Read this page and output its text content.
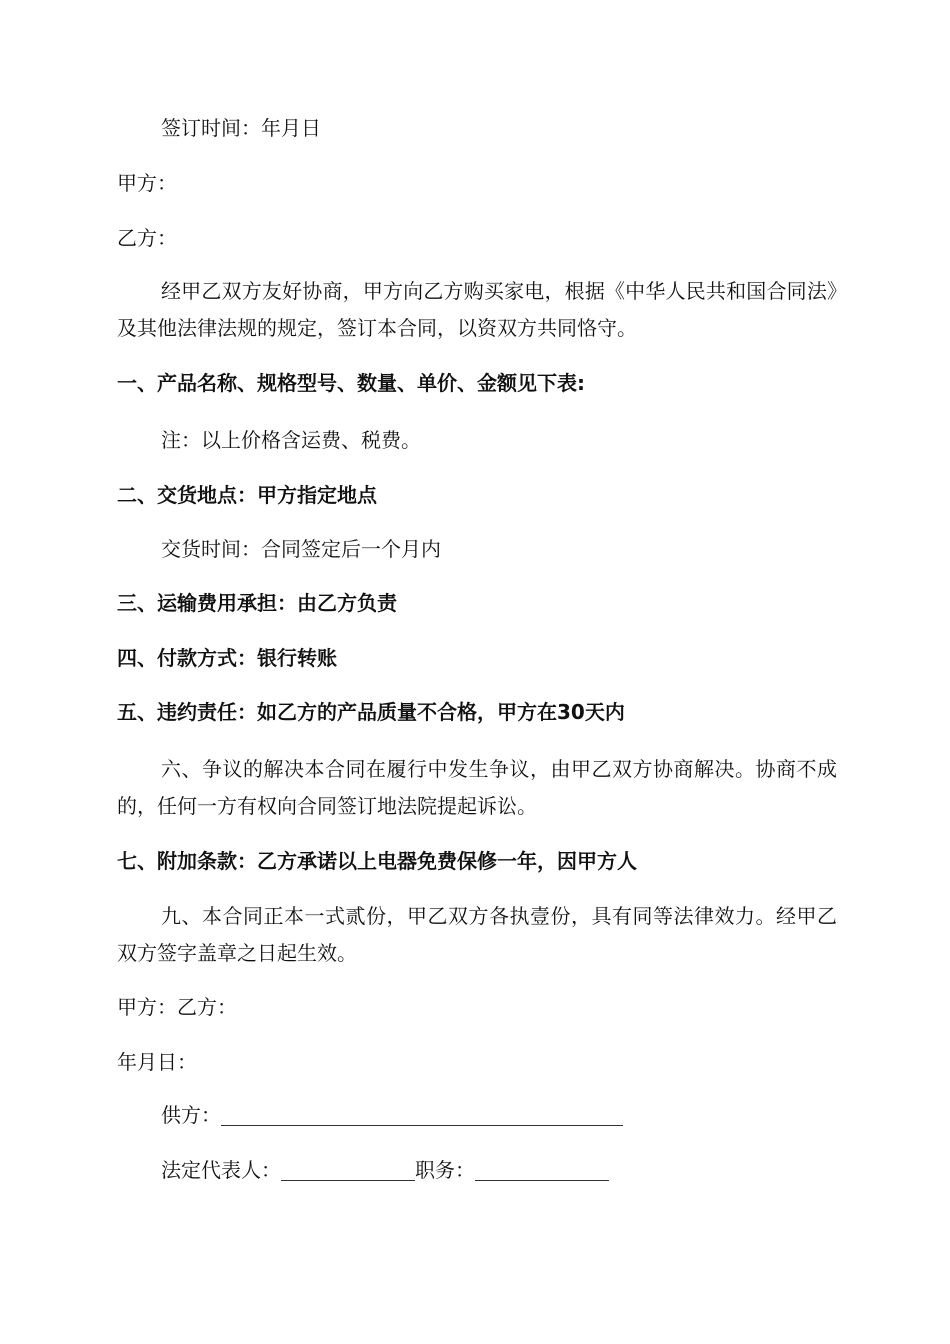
签订时间：年月日

甲方：

乙方：

经甲乙双方友好协商，甲方向乙方购买家电，根据《中华人民共和国合同法》及其他法律法规的规定，签订本合同，以资双方共同恪守。

一、产品名称、规格型号、数量、单价、金额见下表:

注：以上价格含运费、税费。

二、交货地点：甲方指定地点

交货时间：合同签定后一个月内

三、运输费用承担：由乙方负责

四、付款方式：银行转账

五、违约责任：如乙方的产品质量不合格，甲方在30天内

六、争议的解决本合同在履行中发生争议，由甲乙双方协商解决。协商不成的，任何一方有权向合同签订地法院提起诉讼。

七、附加条款：乙方承诺以上电器免费保修一年，因甲方人

九、本合同正本一式贰份，甲乙双方各执壹份，具有同等法律效力。经甲乙双方签字盖章之日起生效。

甲方：乙方：

年月日：

供方：

法定代表人：	职务：
